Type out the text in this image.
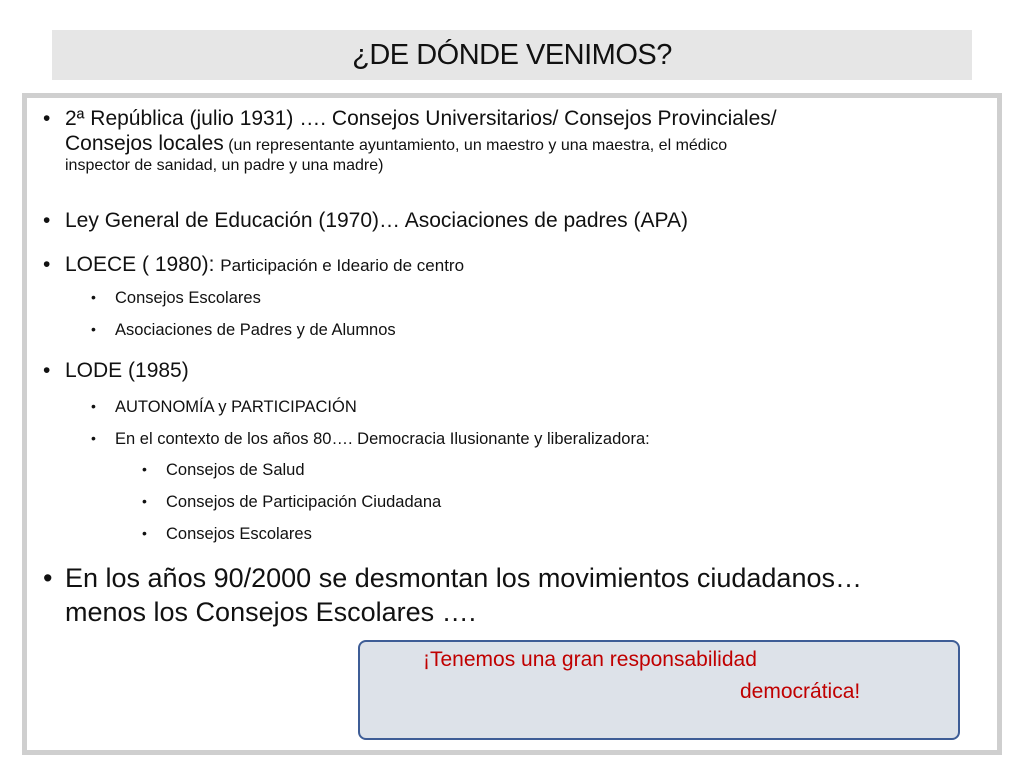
¿DE DÓNDE VENIMOS?
• 2ª República (julio 1931) …. Consejos Universitarios/ Consejos Provinciales/
Consejos locales (un representante ayuntamiento, un maestro y una maestra, el médico
inspector de sanidad, un padre y una madre)
• Ley General de Educación (1970)… Asociaciones de padres (APA)
• LOECE ( 1980): Participación e Ideario de centro
• Consejos Escolares
• Asociaciones de Padres y de Alumnos
• LODE (1985)
• AUTONOMÍA y PARTICIPACIÓN
• En el contexto de los años 80…. Democracia Ilusionante y liberalizadora:
• Consejos de Salud
• Consejos de Participación Ciudadana
• Consejos Escolares
• En los años 90/2000 se desmontan los movimientos ciudadanos…
menos los Consejos Escolares ….
¡Tenemos una gran responsabilidad
democrática!
